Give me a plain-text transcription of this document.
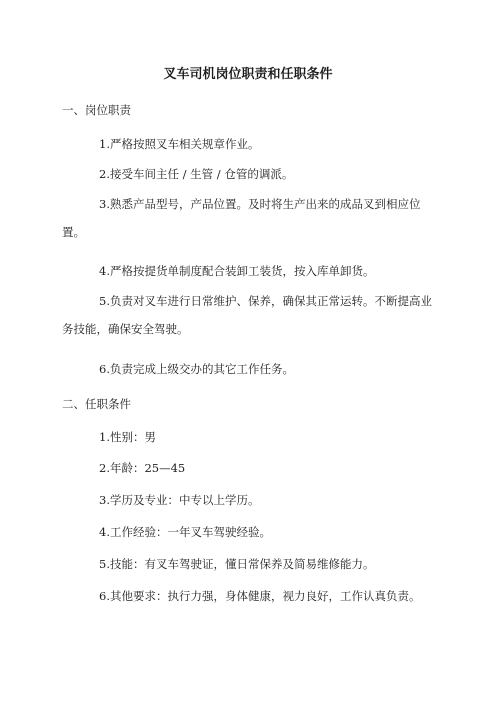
叉车司机岗位职责和任职条件
一、岗位职责
1.严格按照叉车相关规章作业。
2.接受车间主任 / 生管 / 仓管的调派。
3.熟悉产品型号，产品位置。及时将生产出来的成品叉到相应位置。
4.严格按提货单制度配合装卸工装货，按入库单卸货。
5.负责对叉车进行日常维护、保养，确保其正常运转。不断提高业务技能，确保安全驾驶。
6.负责完成上级交办的其它工作任务。
二、任职条件
1.性别：男
2.年龄：25—45
3.学历及专业：中专以上学历。
4.工作经验：一年叉车驾驶经验。
5.技能：有叉车驾驶证，懂日常保养及简易维修能力。
6.其他要求：执行力强，身体健康，视力良好，工作认真负责。
